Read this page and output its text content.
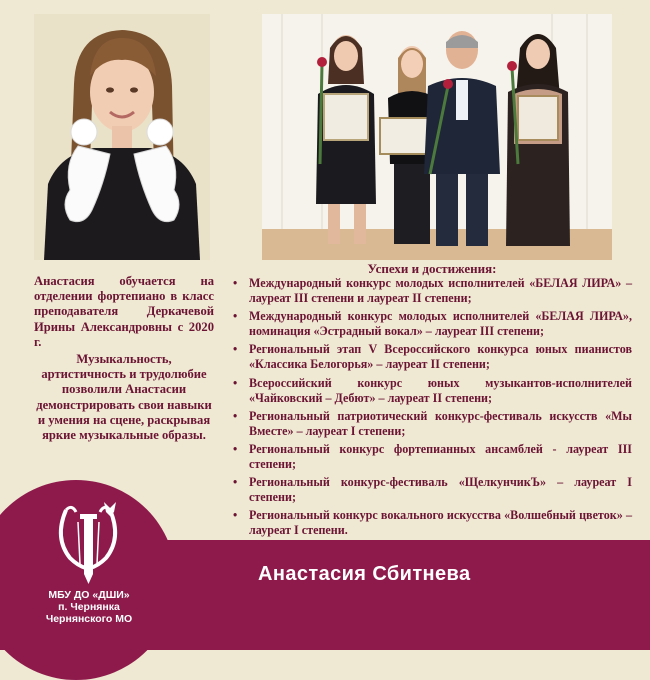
Анастасия обучается на отделении фортепиано в класс преподавателя Деркачевой Ирины Александровны с 2020 г.

Музыкальность, артистичность и трудолюбие позволили Анастасии демонстрировать свои навыки и умения на сцене, раскрывая яркие музыкальные образы.

Успехи и достижения:
• Международный конкурс молодых исполнителей «БЕЛАЯ ЛИРА» – лауреат III степени и лауреат II степени;
• Международный конкурс молодых исполнителей «БЕЛАЯ ЛИРА», номинация «Эстрадный вокал» – лауреат III степени;
• Региональный этап V Всероссийского конкурса юных пианистов «Классика Белогорья» – лауреат II степени;
• Всероссийский конкурс юных музыкантов-исполнителей «Чайковский – Дебют» – лауреат II степени;
• Региональный патриотический конкурс-фестиваль искусств «Мы Вместе» – лауреат I степени;
• Региональный конкурс фортепианных ансамблей - лауреат III степени;
• Региональный конкурс-фестиваль «ЩелкунчикЪ» – лауреат I степени;
• Региональный конкурс вокального искусства «Волшебный цветок» – лауреат I степени.
МБУ ДО «ДШИ»
п. Чернянка
Чернянского МО
Анастасия Сбитнева
